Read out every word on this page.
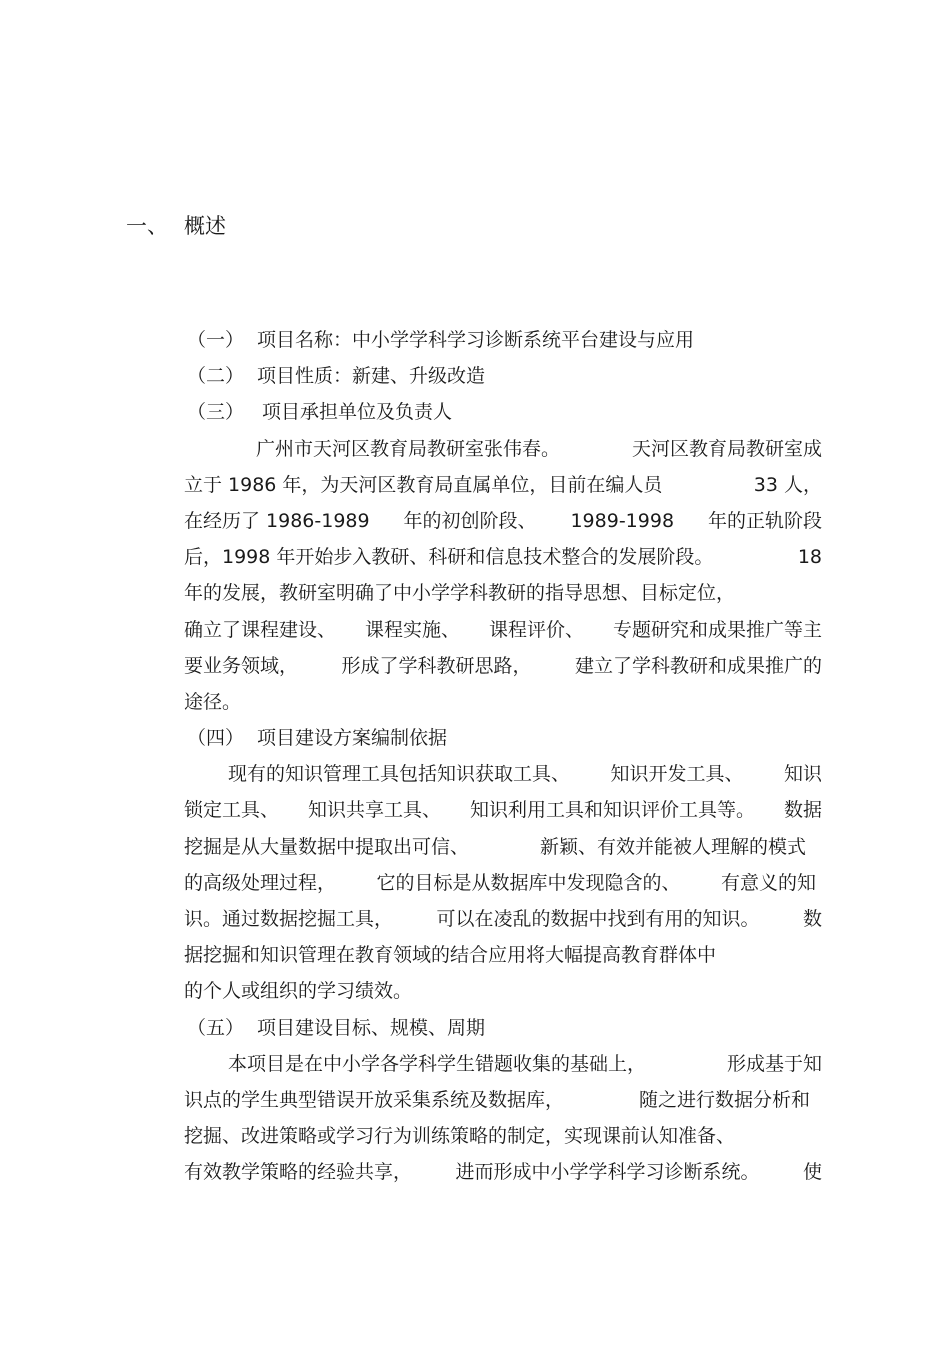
一、 概述
（一） 项目名称：中小学学科学习诊断系统平台建设与应用
（二） 项目性质：新建、升级改造
（三） 项目承担单位及负责人
广州市天河区教育局教研室张伟春。	天河区教育局教研室成
立于 1986 年，为天河区教育局直属单位，目前在编人员	33 人，
在经历了 1986-1989 年的初创阶段、 1989-1998 年的正轨阶段
后，1998 年开始步入教研、科研和信息技术整合的发展阶段。	18
年的发展，教研室明确了中小学学科教研的指导思想、目标定位，
确立了课程建设、 课程实施、 课程评价、 专题研究和成果推广等主
要业务领域， 形成了学科教研思路， 建立了学科教研和成果推广的
途径。
（四） 项目建设方案编制依据
现有的知识管理工具包括知识获取工具、 知识开发工具、 知识
锁定工具、 知识共享工具、 知识利用工具和知识评价工具等。 数据
挖掘是从大量数据中提取出可信、	新颖、有效并能被人理解的模式
的高级处理过程， 它的目标是从数据库中发现隐含的、 有意义的知
识。通过数据挖掘工具， 可以在凌乱的数据中找到有用的知识。 数
据挖掘和知识管理在教育领域的结合应用将大幅提高教育群体中
的个人或组织的学习绩效。
（五） 项目建设目标、规模、周期
本项目是在中小学各学科学生错题收集的基础上，	形成基于知
识点的学生典型错误开放采集系统及数据库，	随之进行数据分析和
挖掘、改进策略或学习行为训练策略的制定，实现课前认知准备、
有效教学策略的经验共享， 进而形成中小学学科学习诊断系统。 使
